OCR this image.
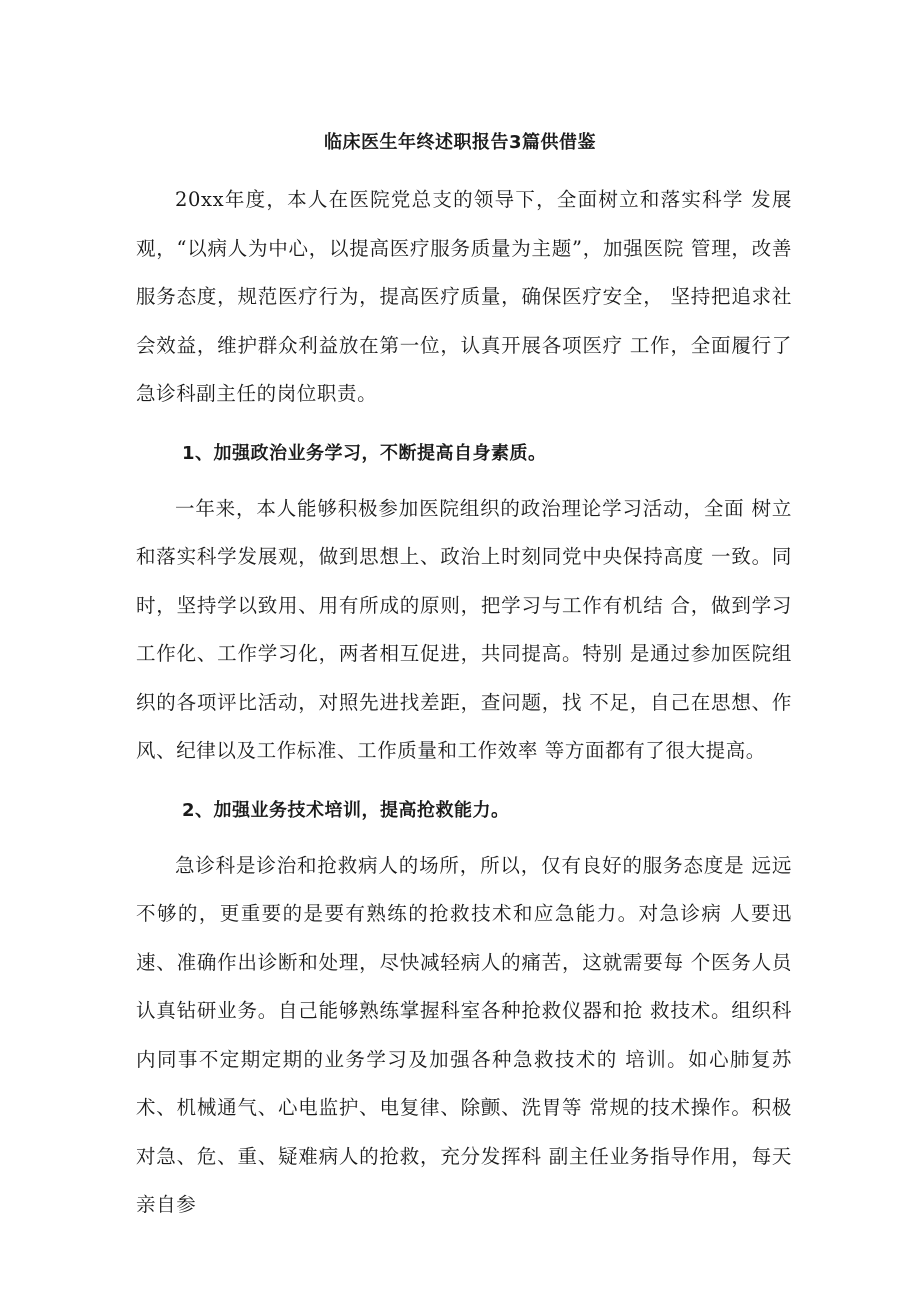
临床医生年终述职报告3篇供借鉴

20xx年度，本人在医院党总支的领导下，全面树立和落实科学 发展观，“以病人为中心，以提高医疗服务质量为主题”，加强医院 管理，改善服务态度，规范医疗行为，提高医疗质量，确保医疗安全， 坚持把追求社会效益，维护群众利益放在第一位，认真开展各项医疗 工作，全面履行了急诊科副主任的岗位职责。

1、加强政治业务学习，不断提高自身素质。

一年来，本人能够积极参加医院组织的政治理论学习活动，全面 树立和落实科学发展观，做到思想上、政治上时刻同党中央保持高度 一致。同时，坚持学以致用、用有所成的原则，把学习与工作有机结 合，做到学习工作化、工作学习化，两者相互促进，共同提高。特别 是通过参加医院组织的各项评比活动，对照先进找差距，查问题，找 不足，自己在思想、作风、纪律以及工作标准、工作质量和工作效率 等方面都有了很大提高。

2、加强业务技术培训，提高抢救能力。

急诊科是诊治和抢救病人的场所，所以，仅有良好的服务态度是 远远不够的，更重要的是要有熟练的抢救技术和应急能力。对急诊病 人要迅速、准确作出诊断和处理，尽快减轻病人的痛苦，这就需要每 个医务人员认真钻研业务。自己能够熟练掌握科室各种抢救仪器和抢 救技术。组织科内同事不定期定期的业务学习及加强各种急救技术的 培训。如心肺复苏术、机械通气、心电监护、电复律、除颤、洗胃等 常规的技术操作。积极对急、危、重、疑难病人的抢救，充分发挥科 副主任业务指导作用，每天亲自参
